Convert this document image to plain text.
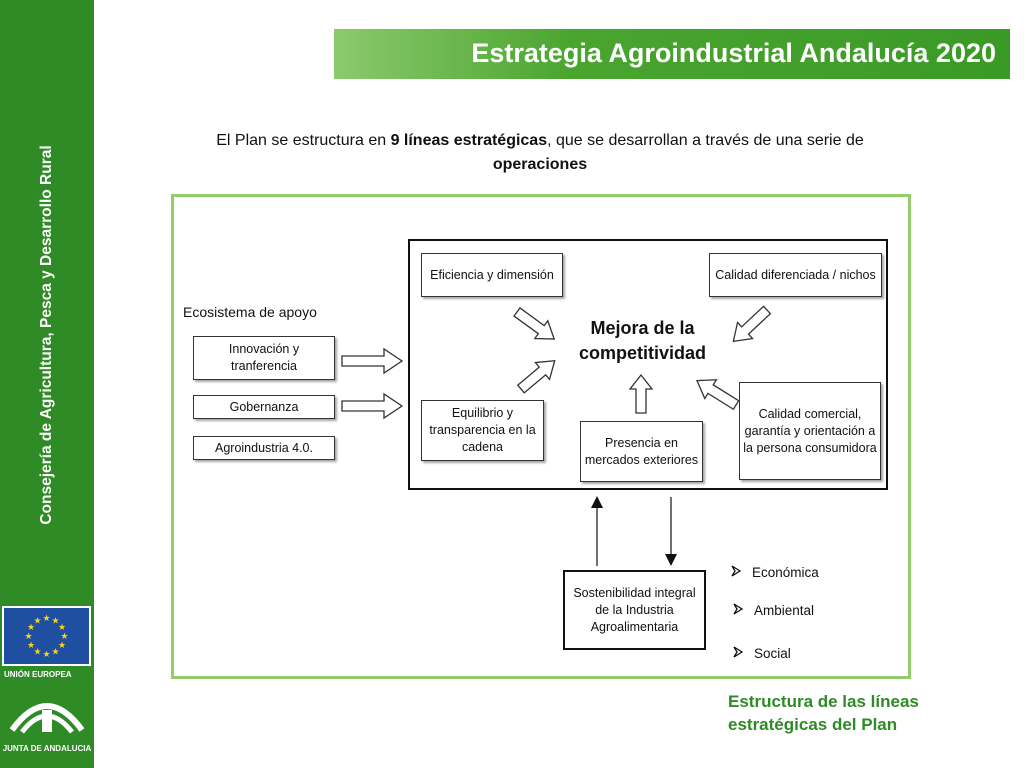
Consejería de Agricultura, Pesca y Desarrollo Rural
★ ★
★
★
★
★
★
★
★
★
★
★
UNIÓN EUROPEA
JUNTA DE ANDALUCIA
Estrategia Agroindustrial Andalucía 2020
El Plan se estructura en 9 líneas estratégicas, que se desarrollan a través de una serie de operaciones
Mejora de la competitividad
Eficiencia y dimensión	Calidad diferenciada / nichos
Equilibrio y transparencia en la cadena	Presencia en mercados exteriores
Calidad comercial, garantía y orientación a la persona consumidora
Ecosistema de apoyo
Innovación y tranferencia
Gobernanza
Agroindustria 4.0.
Sostenibilidad integral de la Industria Agroalimentaria
Económica
Ambiental
Social
Estructura de las líneas estratégicas del Plan
